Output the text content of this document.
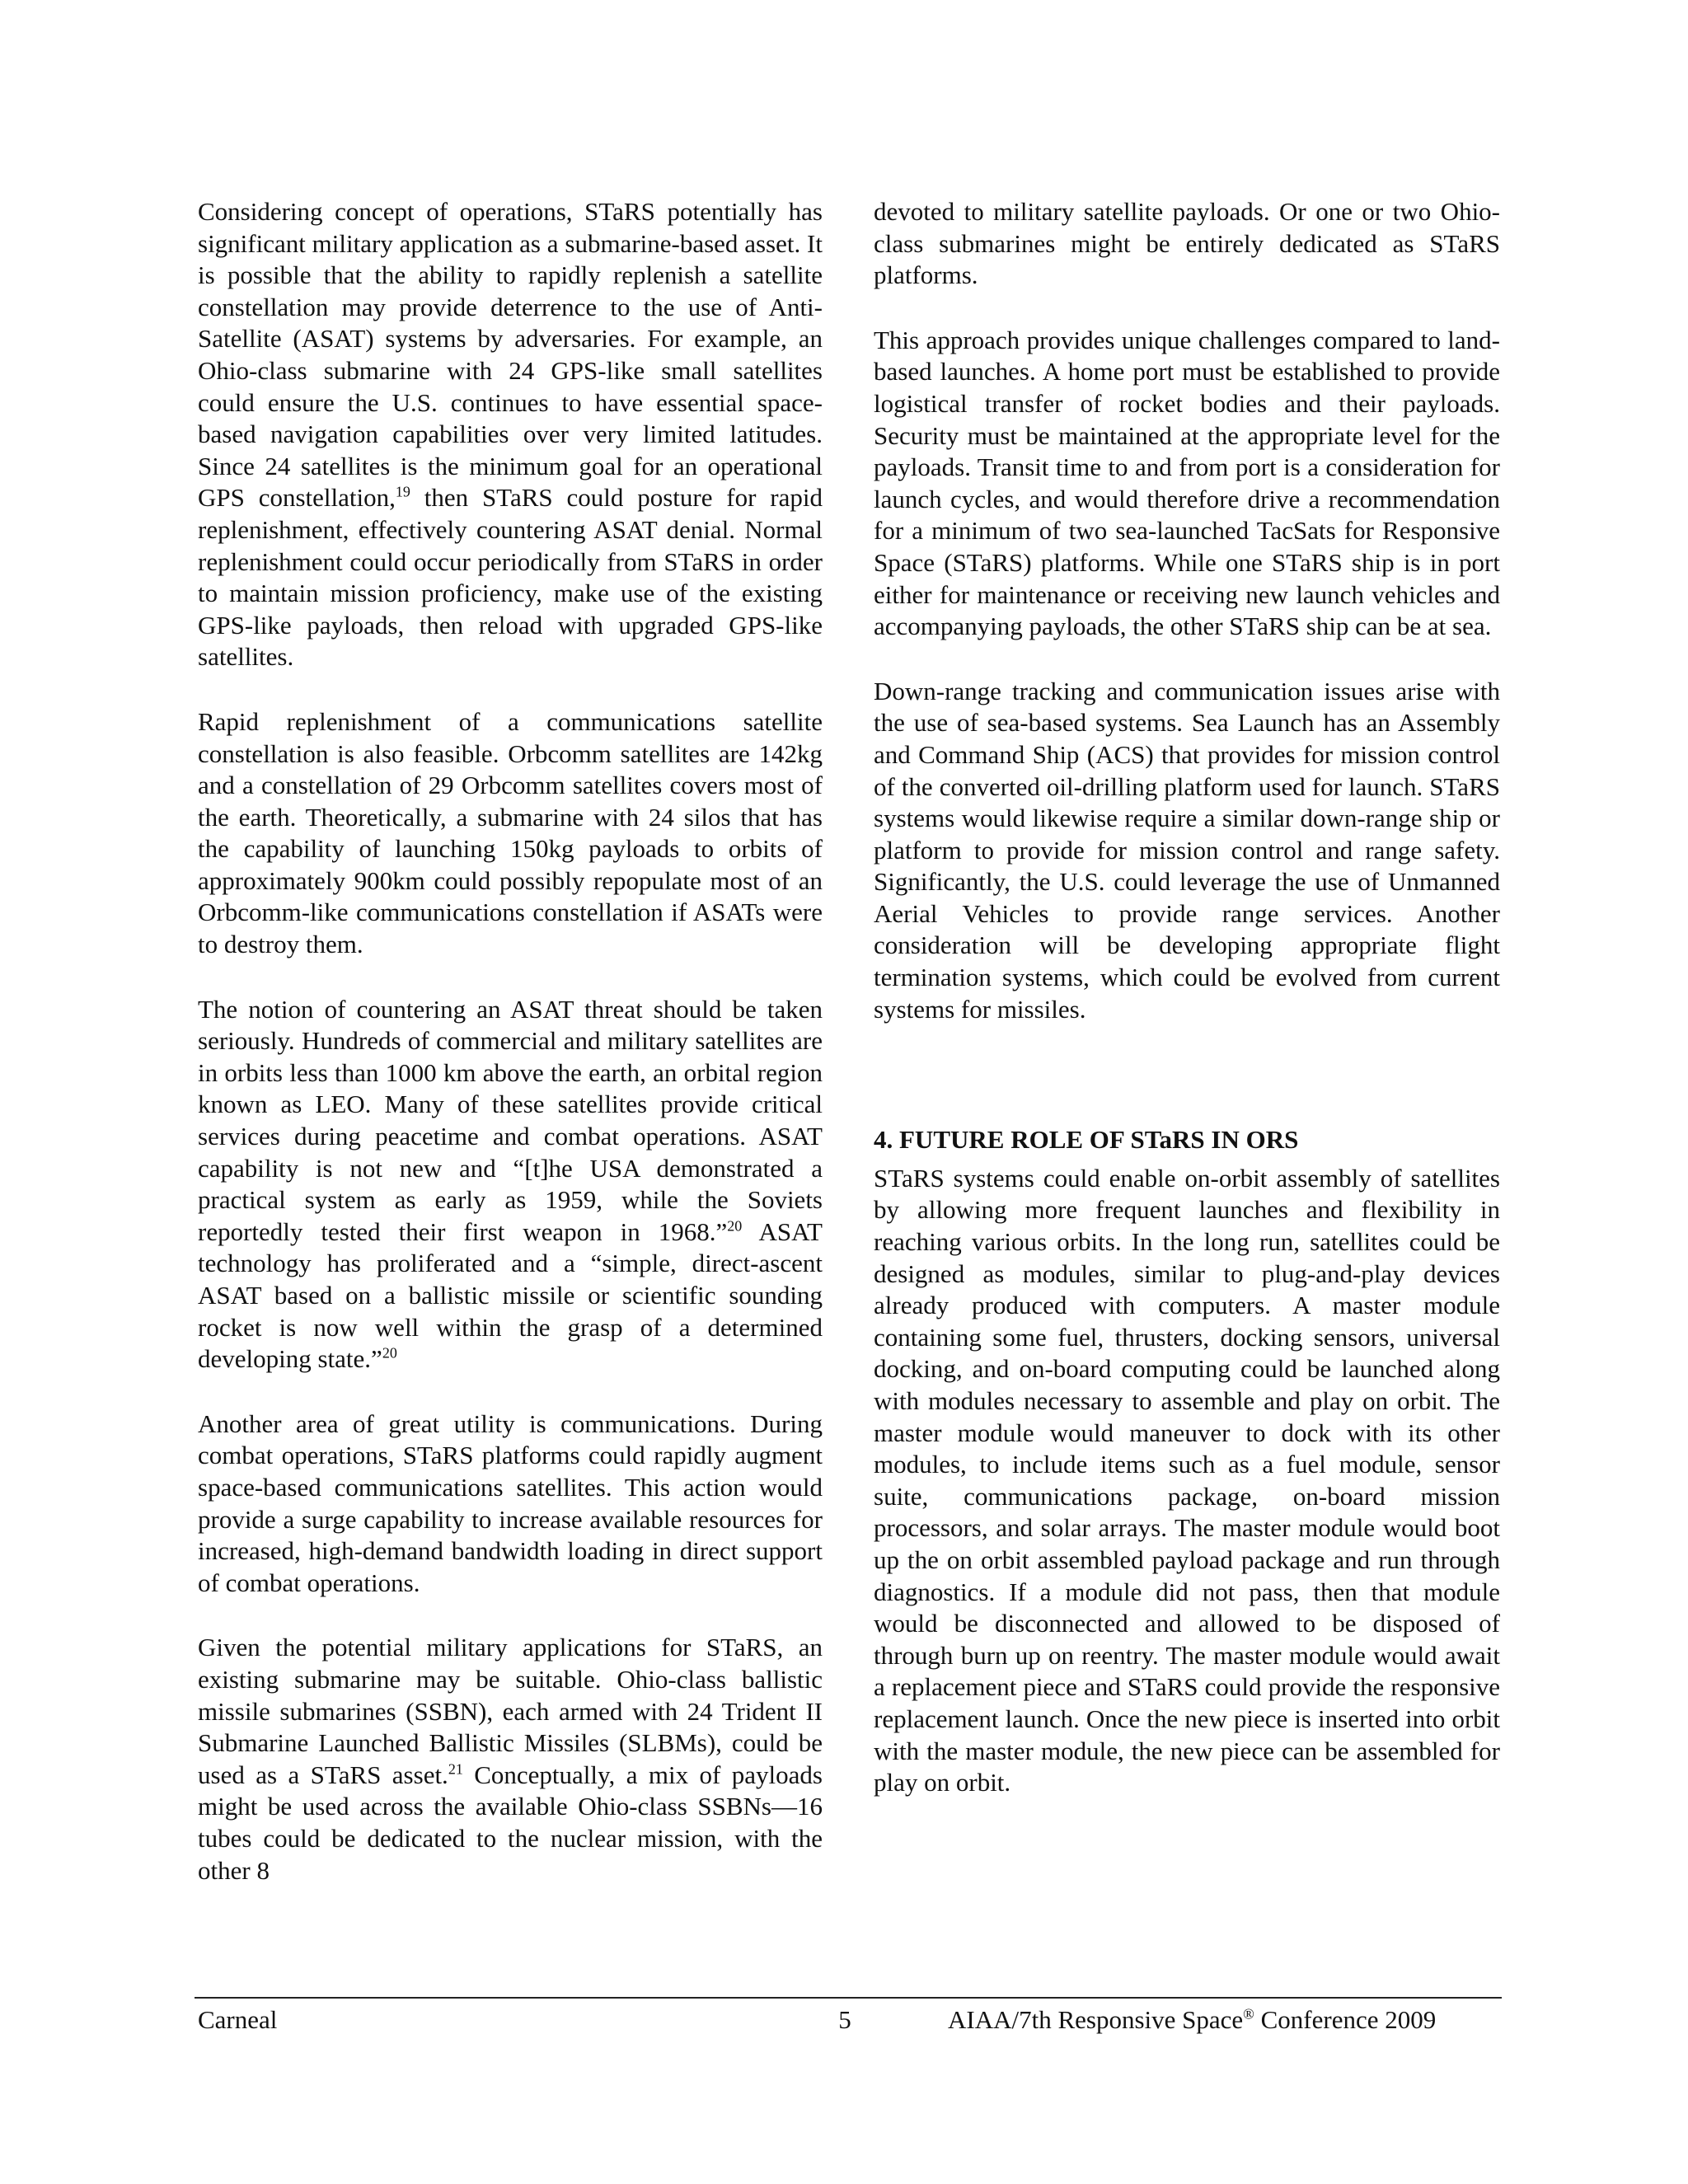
Considering concept of operations, STaRS potentially has significant military application as a submarine-based asset. It is possible that the ability to rapidly replenish a satellite constellation may provide deterrence to the use of Anti-Satellite (ASAT) systems by adversaries. For example, an Ohio-class submarine with 24 GPS-like small satellites could ensure the U.S. continues to have essential space-based navigation capabilities over very limited latitudes. Since 24 satellites is the minimum goal for an operational GPS constellation,$^{19}$ then STaRS could posture for rapid replenishment, effectively countering ASAT denial. Normal replenishment could occur periodically from STaRS in order to maintain mission proficiency, make use of the existing GPS-like payloads, then reload with upgraded GPS-like satellites.

Rapid replenishment of a communications satellite constellation is also feasible. Orbcomm satellites are 142kg and a constellation of 29 Orbcomm satellites covers most of the earth. Theoretically, a submarine with 24 silos that has the capability of launching 150kg payloads to orbits of approximately 900km could possibly repopulate most of an Orbcomm-like communications constellation if ASATs were to destroy them.

The notion of countering an ASAT threat should be taken seriously. Hundreds of commercial and military satellites are in orbits less than 1000 km above the earth, an orbital region known as LEO. Many of these satellites provide critical services during peacetime and combat operations. ASAT capability is not new and “[t]he USA demonstrated a practical system as early as 1959, while the Soviets reportedly tested their first weapon in 1968.”$^{20}$ ASAT technology has proliferated and a “simple, direct-ascent ASAT based on a ballistic missile or scientific sounding rocket is now well within the grasp of a determined developing state.”$^{20}$

Another area of great utility is communications. During combat operations, STaRS platforms could rapidly augment space-based communications satellites. This action would provide a surge capability to increase available resources for increased, high-demand bandwidth loading in direct support of combat operations.

Given the potential military applications for STaRS, an existing submarine may be suitable. Ohio-class ballistic missile submarines (SSBN), each armed with 24 Trident II Submarine Launched Ballistic Missiles (SLBMs), could be used as a STaRS asset.$^{21}$ Conceptually, a mix of payloads might be used across the available Ohio-class SSBNs—16 tubes could be dedicated to the nuclear mission, with the other 8

devoted to military satellite payloads. Or one or two Ohio-class submarines might be entirely dedicated as STaRS platforms.

This approach provides unique challenges compared to land-based launches. A home port must be established to provide logistical transfer of rocket bodies and their payloads. Security must be maintained at the appropriate level for the payloads. Transit time to and from port is a consideration for launch cycles, and would therefore drive a recommendation for a minimum of two sea-launched TacSats for Responsive Space (STaRS) platforms. While one STaRS ship is in port either for maintenance or receiving new launch vehicles and accompanying payloads, the other STaRS ship can be at sea.

Down-range tracking and communication issues arise with the use of sea-based systems. Sea Launch has an Assembly and Command Ship (ACS) that provides for mission control of the converted oil-drilling platform used for launch. STaRS systems would likewise require a similar down-range ship or platform to provide for mission control and range safety. Significantly, the U.S. could leverage the use of Unmanned Aerial Vehicles to provide range services. Another consideration will be developing appropriate flight termination systems, which could be evolved from current systems for missiles.

4. FUTURE ROLE OF STaRS IN ORS

STaRS systems could enable on-orbit assembly of satellites by allowing more frequent launches and flexibility in reaching various orbits. In the long run, satellites could be designed as modules, similar to plug-and-play devices already produced with computers. A master module containing some fuel, thrusters, docking sensors, universal docking, and on-board computing could be launched along with modules necessary to assemble and play on orbit. The master module would maneuver to dock with its other modules, to include items such as a fuel module, sensor suite, communications package, on-board mission processors, and solar arrays. The master module would boot up the on orbit assembled payload package and run through diagnostics. If a module did not pass, then that module would be disconnected and allowed to be disposed of through burn up on reentry. The master module would await a replacement piece and STaRS could provide the responsive replacement launch. Once the new piece is inserted into orbit with the master module, the new piece can be assembled for play on orbit.

Carneal	5	AIAA/7th Responsive Space® Conference 2009
